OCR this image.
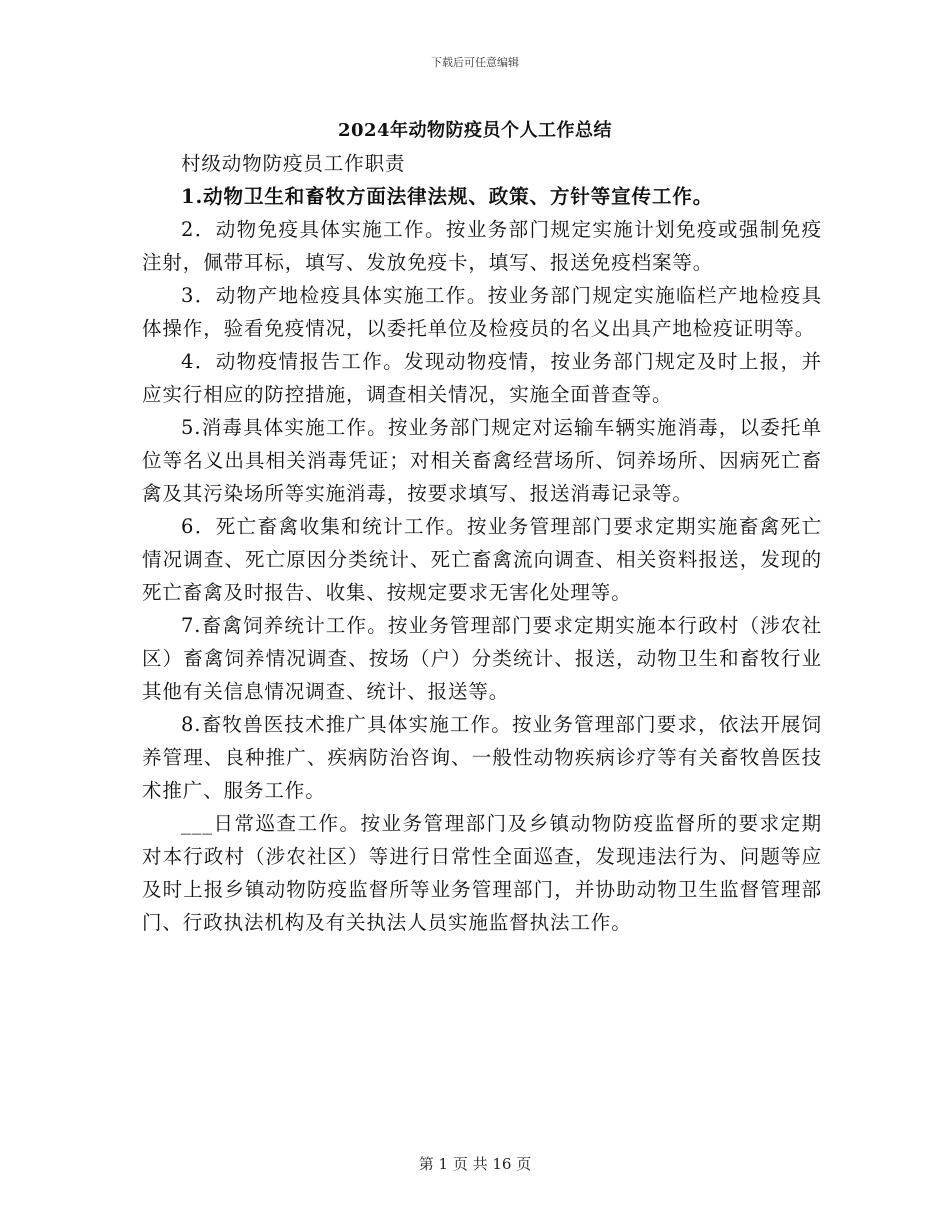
下载后可任意编辑
2024年动物防疫员个人工作总结

村级动物防疫员工作职责

1.动物卫生和畜牧方面法律法规、政策、方针等宣传工作。

2．动物免疫具体实施工作。按业务部门规定实施计划免疫或强制免疫注射，佩带耳标，填写、发放免疫卡，填写、报送免疫档案等。

3．动物产地检疫具体实施工作。按业务部门规定实施临栏产地检疫具体操作，验看免疫情况，以委托单位及检疫员的名义出具产地检疫证明等。

4．动物疫情报告工作。发现动物疫情，按业务部门规定及时上报，并应实行相应的防控措施，调查相关情况，实施全面普查等。

5.消毒具体实施工作。按业务部门规定对运输车辆实施消毒，以委托单位等名义出具相关消毒凭证；对相关畜禽经营场所、饲养场所、因病死亡畜禽及其污染场所等实施消毒，按要求填写、报送消毒记录等。

6．死亡畜禽收集和统计工作。按业务管理部门要求定期实施畜禽死亡情况调查、死亡原因分类统计、死亡畜禽流向调查、相关资料报送，发现的死亡畜禽及时报告、收集、按规定要求无害化处理等。

7.畜禽饲养统计工作。按业务管理部门要求定期实施本行政村（涉农社区）畜禽饲养情况调查、按场（户）分类统计、报送，动物卫生和畜牧行业其他有关信息情况调查、统计、报送等。

8.畜牧兽医技术推广具体实施工作。按业务管理部门要求，依法开展饲养管理、良种推广、疾病防治咨询、一般性动物疾病诊疗等有关畜牧兽医技术推广、服务工作。

___日常巡查工作。按业务管理部门及乡镇动物防疫监督所的要求定期对本行政村（涉农社区）等进行日常性全面巡查，发现违法行为、问题等应及时上报乡镇动物防疫监督所等业务管理部门，并协助动物卫生监督管理部门、行政执法机构及有关执法人员实施监督执法工作。

第 1 页 共 16 页
